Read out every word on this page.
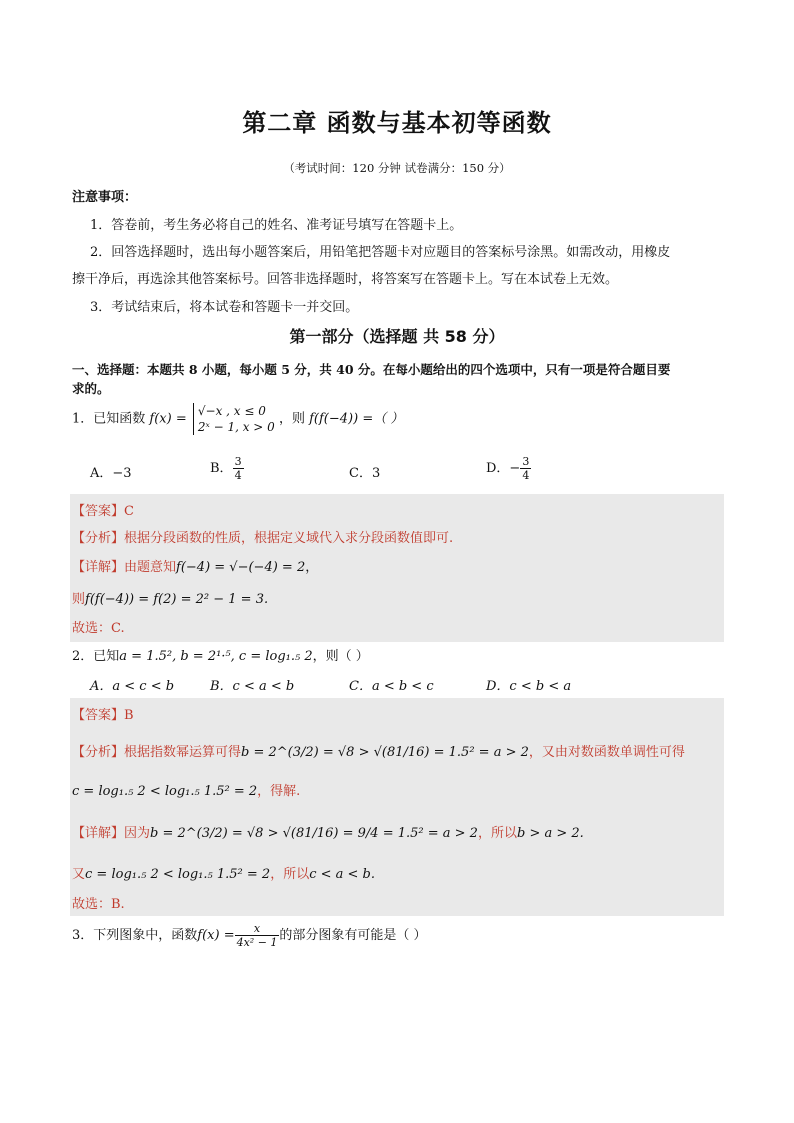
第二章 函数与基本初等函数
（考试时间：120 分钟 试卷满分：150 分）
注意事项：
1．答卷前，考生务必将自己的姓名、准考证号填写在答题卡上。
2．回答选择题时，选出每小题答案后，用铅笔把答题卡对应题目的答案标号涂黑。如需改动，用橡皮
擦干净后，再选涂其他答案标号。回答非选择题时，将答案写在答题卡上。写在本试卷上无效。
3．考试结束后，将本试卷和答题卡一并交回。
第一部分（选择题 共 58 分）
一、选择题：本题共 8 小题，每小题 5 分，共 40 分。在每小题给出的四个选项中，只有一项是符合题目要
求的。
1．已知函数 f(x) =
√−x , x ≤ 0
2ˣ − 1, x > 0
，则 f(f(−4)) =（ ）
A．−3	B． $\frac{3}{4}$	C．3	D．− $\frac{3}{4}$
【答案】C
【分析】根据分段函数的性质，根据定义域代入求分段函数值即可.
【详解】由题意知f(−4) = √−(−4) = 2，
则f(f(−4)) = f(2) = 2² − 1 = 3.
故选：C.
2．已知a = 1.5², b = 2¹·⁵, c = log₁.₅ 2，则（ ）
A．a < c < b	B．c < a < b	C．a < b < c	D．c < b < a
【答案】B
【分析】根据指数幂运算可得b = 2^(3/2) = √8 > √(81/16) = 1.5² = a > 2，又由对数函数单调性可得
c = log₁.₅ 2 < log₁.₅ 1.5² = 2，得解.
【详解】因为b = 2^(3/2) = √8 > √(81/16) = 9/4 = 1.5² = a > 2，所以b > a > 2.
又c = log₁.₅ 2 < log₁.₅ 1.5² = 2，所以c < a < b.
故选：B.
3．下列图象中，函数$f(x) = \frac{x}{\text{4x² − 1}}$ 的部分图象有可能是（ ）
